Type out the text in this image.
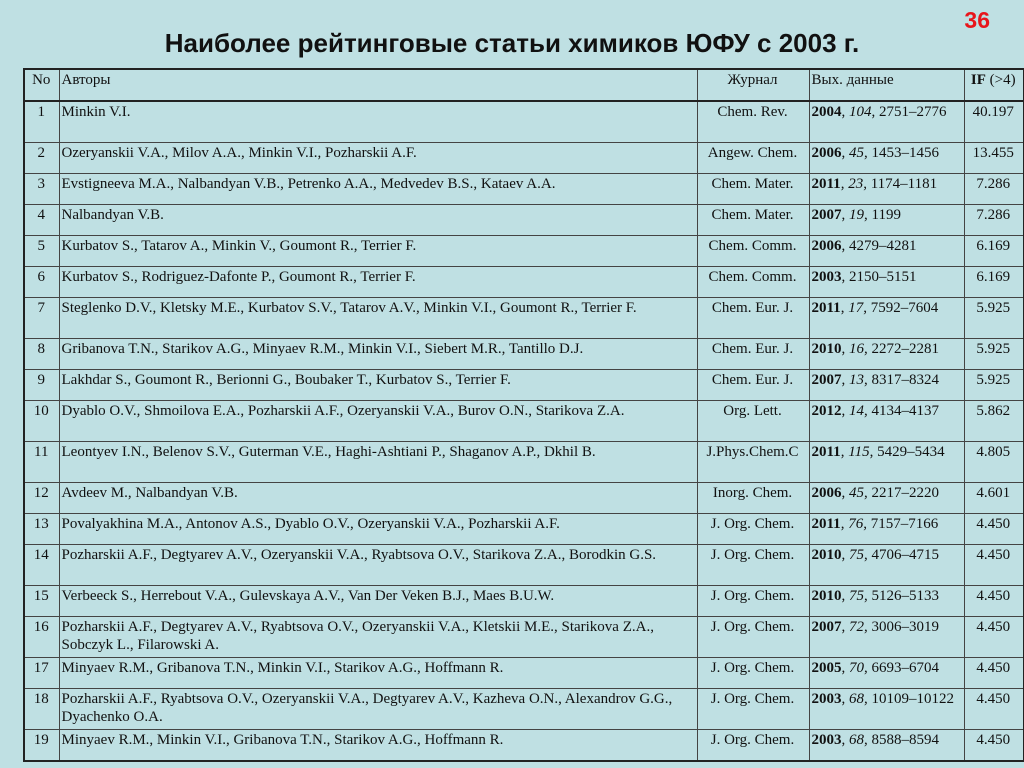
36
Наиболее рейтинговые статьи химиков ЮФУ с 2003 г.
No	Авторы	Журнал	Вых. данные	IF (>4)
1	Minkin V.I.	Chem. Rev.	2004, 104, 2751–2776	40.197
2	Ozeryanskii V.A., Milov A.A., Minkin V.I., Pozharskii A.F.	Angew. Chem.	2006, 45, 1453–1456	13.455
3	Evstigneeva M.A., Nalbandyan V.B., Petrenko A.A., Medvedev B.S., Kataev A.A.	Chem. Mater.	2011, 23, 1174–1181	7.286
4	Nalbandyan V.B.	Chem. Mater.	2007, 19, 1199	7.286
5	Kurbatov S., Tatarov A., Minkin V., Goumont R., Terrier F.	Chem. Comm.	2006, 4279–4281	6.169
6	Kurbatov S., Rodriguez-Dafonte P., Goumont R., Terrier F.	Chem. Comm.	2003, 2150–5151	6.169
7	Steglenko D.V., Kletsky M.E., Kurbatov S.V., Tatarov A.V., Minkin V.I., Goumont R., Terrier F.	Chem. Eur. J.	2011, 17, 7592–7604	5.925
8	Gribanova T.N., Starikov A.G., Minyaev R.M., Minkin V.I., Siebert M.R., Tantillo D.J.	Chem. Eur. J.	2010, 16, 2272–2281	5.925
9	Lakhdar S., Goumont R., Berionni G., Boubaker T., Kurbatov S., Terrier F.	Chem. Eur. J.	2007, 13, 8317–8324	5.925
10	Dyablo O.V., Shmoilova E.A., Pozharskii A.F., Ozeryanskii V.A., Burov O.N., Starikova Z.A.	Org. Lett.	2012, 14, 4134–4137	5.862
11	Leontyev I.N., Belenov S.V., Guterman V.E., Haghi-Ashtiani P., Shaganov A.P., Dkhil B.	J.Phys.Chem.C	2011, 115, 5429–5434	4.805
12	Avdeev M., Nalbandyan V.B.	Inorg. Chem.	2006, 45, 2217–2220	4.601
13	Povalyakhina M.A., Antonov A.S., Dyablo O.V., Ozeryanskii V.A., Pozharskii A.F.	J. Org. Chem.	2011, 76, 7157–7166	4.450
14	Pozharskii A.F., Degtyarev A.V., Ozeryanskii V.A., Ryabtsova O.V., Starikova Z.A., Borodkin G.S.	J. Org. Chem.	2010, 75, 4706–4715	4.450
15	Verbeeck S., Herrebout V.A., Gulevskaya A.V., Van Der Veken B.J., Maes B.U.W.	J. Org. Chem.	2010, 75, 5126–5133	4.450
16	Pozharskii A.F., Degtyarev A.V., Ryabtsova O.V., Ozeryanskii V.A., Kletskii M.E., Starikova Z.A., Sobczyk L., Filarowski A.	J. Org. Chem.	2007, 72, 3006–3019	4.450
17	Minyaev R.M., Gribanova T.N., Minkin V.I., Starikov A.G., Hoffmann R.	J. Org. Chem.	2005, 70, 6693–6704	4.450
18	Pozharskii A.F., Ryabtsova O.V., Ozeryanskii V.A., Degtyarev A.V., Kazheva O.N., Alexandrov G.G., Dyachenko O.A.	J. Org. Chem.	2003, 68, 10109–10122	4.450
19	Minyaev R.M., Minkin V.I., Gribanova T.N., Starikov A.G., Hoffmann R.	J. Org. Chem.	2003, 68, 8588–8594	4.450
